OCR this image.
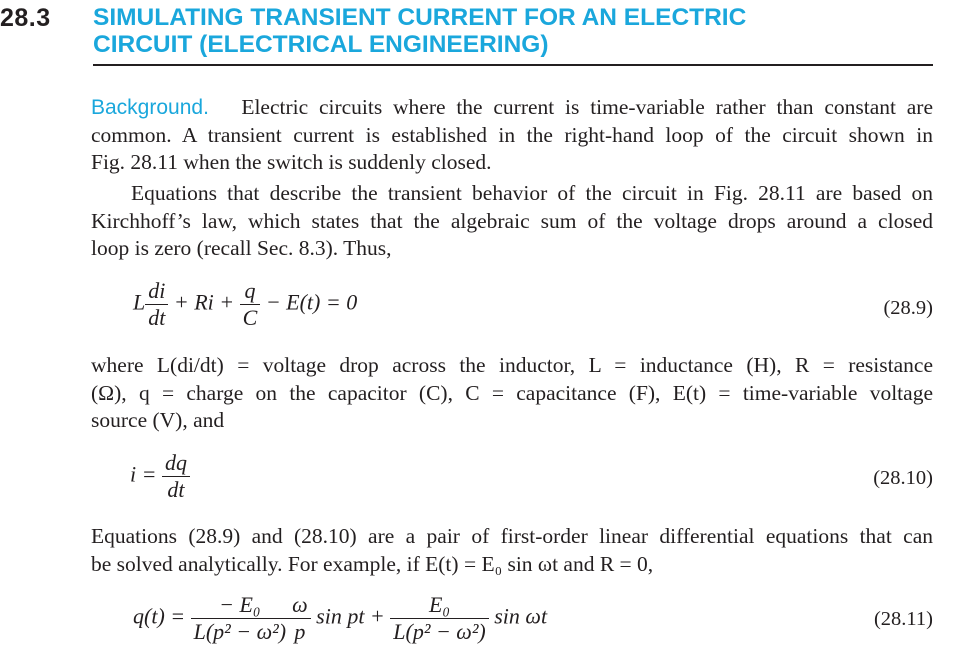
28.3 SIMULATING TRANSIENT CURRENT FOR AN ELECTRIC
CIRCUIT (ELECTRICAL ENGINEERING)
Background. Electric circuits where the current is time-variable rather than constant are
common. A transient current is established in the right-hand loop of the circuit shown in
Fig. 28.11 when the switch is suddenly closed.
Equations that describe the transient behavior of the circuit in Fig. 28.11 are based on
Kirchhoff’s law, which states that the algebraic sum of the voltage drops around a closed
loop is zero (recall Sec. 8.3). Thus,
L $\frac{di}{dt} + Ri + \frac{q}{C} - E(t) = 0$	(28.9)
where L(di/dt) = voltage drop across the inductor, L = inductance (H), R = resistance
(Ω), q = charge on the capacitor (C), C = capacitance (F), E(t) = time-variable voltage
source (V), and
$i = \frac{dq}{dt}$	(28.10)
Equations (28.9) and (28.10) are a pair of first-order linear differential equations that can
be solved analytically. For example, if E(t) = E₀ sin ωt and R = 0,
$q(t) = \frac{\text{− E₀}}{\text{L(p² − ω²)}} \frac{\omega}{p}$ sin pt + $\frac{\text{E₀}}{\text{L(p² − ω²)}}$ sin ωt	(28.11)
